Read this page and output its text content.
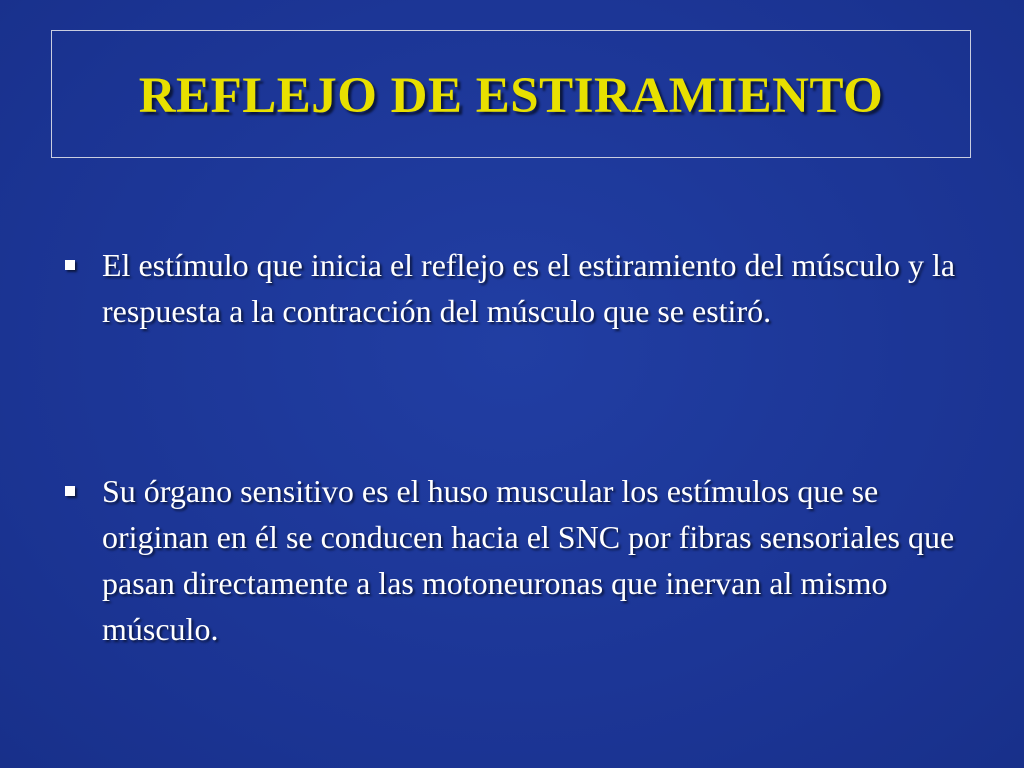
REFLEJO DE ESTIRAMIENTO
El estímulo que inicia el reflejo es el estiramiento del músculo y la respuesta a la contracción del músculo que se estiró.
Su órgano sensitivo es el huso muscular los estímulos que se originan en él se conducen hacia el SNC por fibras sensoriales que pasan directamente a las motoneuronas que inervan al mismo músculo.
